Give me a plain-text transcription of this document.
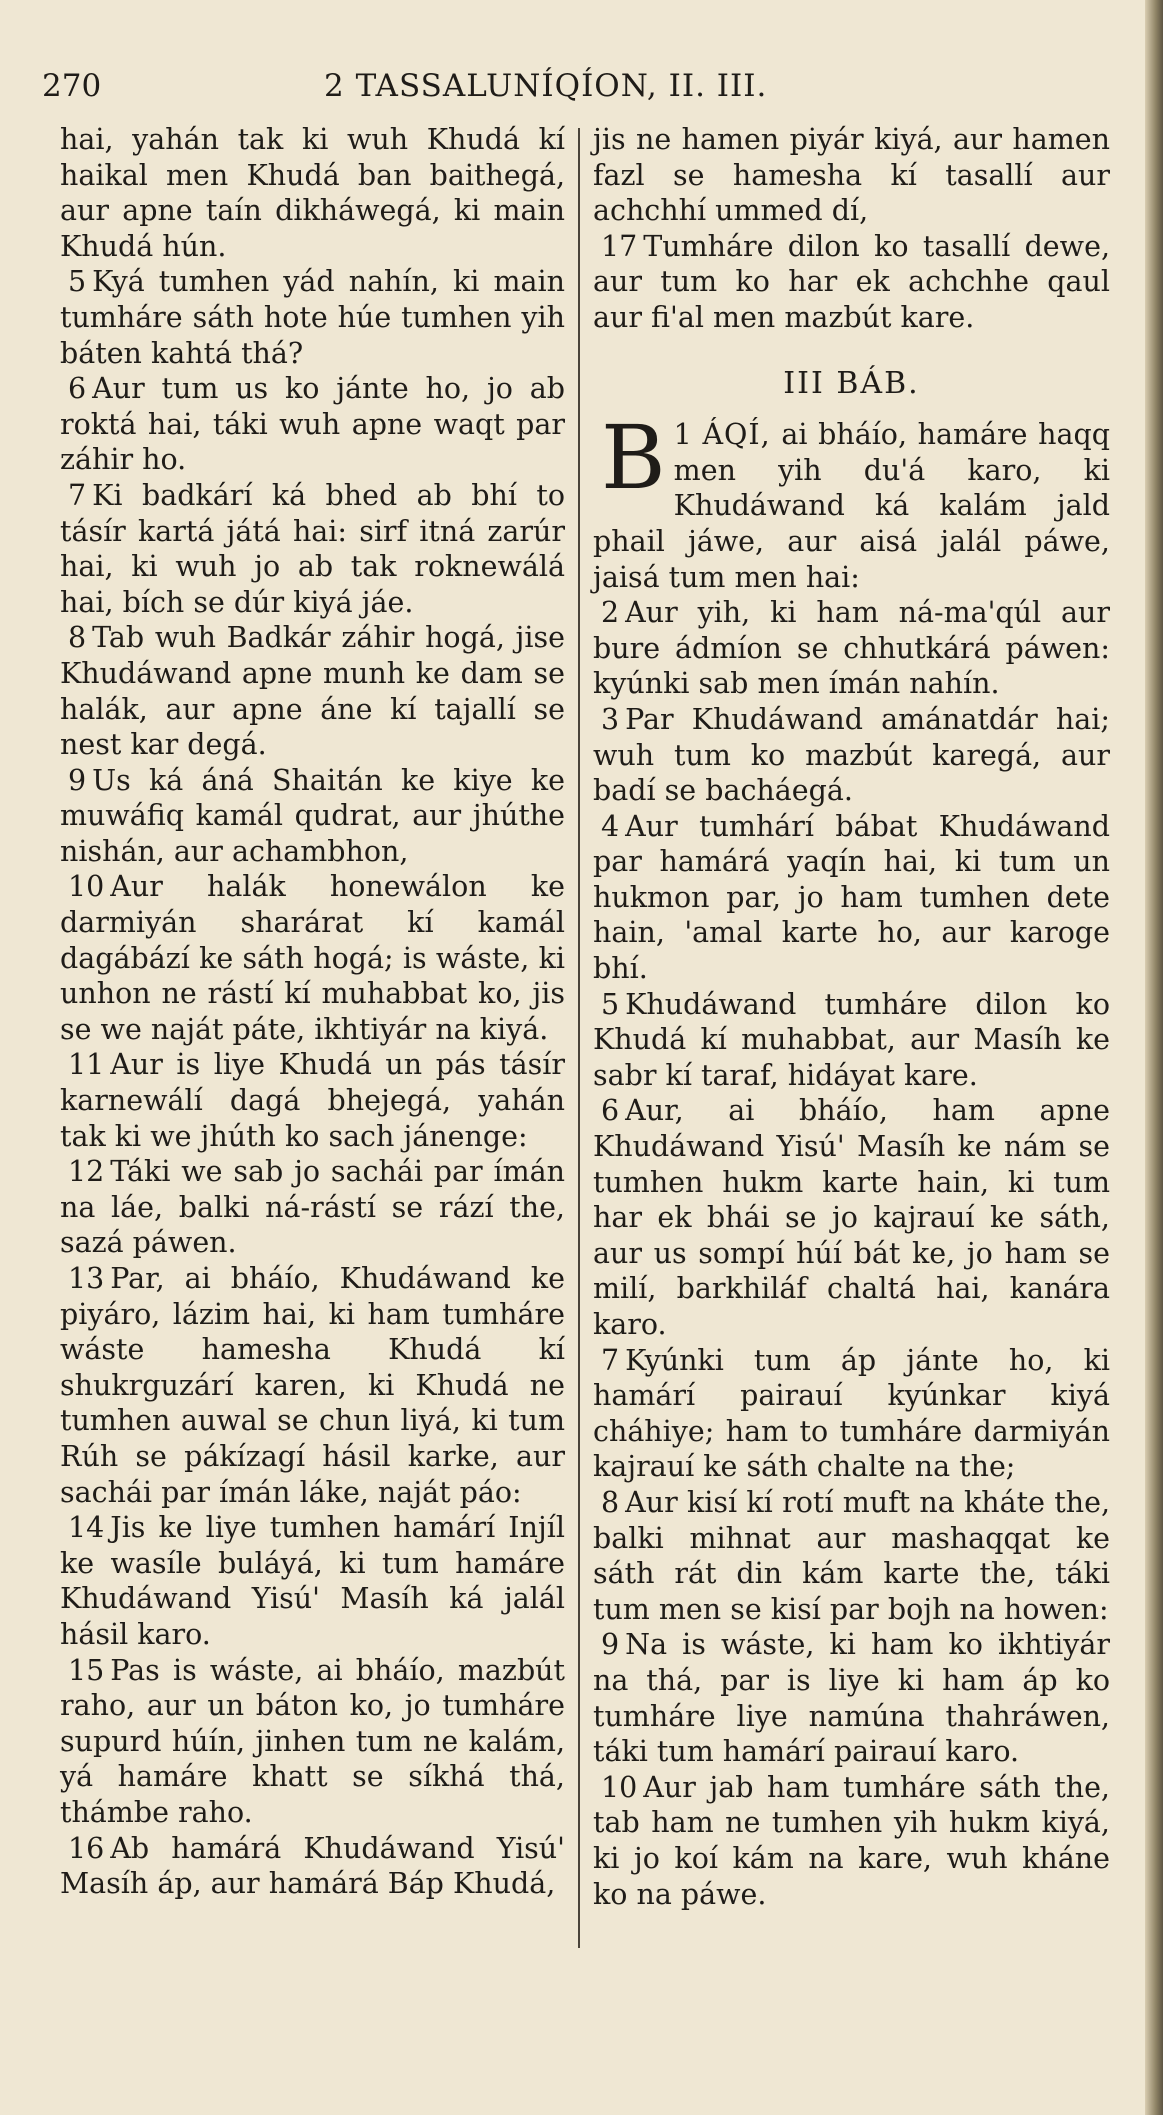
270	2 TASSALUNÍQÍON, II. III.

hai, yahán tak ki wuh Khudá kí haikal men Khudá ban baithegá, aur apne taín dikháwegá, ki main Khudá hún.

5 Kyá tumhen yád nahín, ki main tumháre sáth hote húe tumhen yih báten kahtá thá?

6 Aur tum us ko jánte ho, jo ab roktá hai, táki wuh apne waqt par záhir ho.

7 Ki badkárí ká bhed ab bhí to tásír kartá játá hai: sirf itná zarúr hai, ki wuh jo ab tak roknewálá hai, bích se dúr kiyá jáe.

8 Tab wuh Badkár záhir hogá, jise Khudáwand apne munh ke dam se halák, aur apne áne kí tajallí se nest kar degá.

9 Us ká áná Shaitán ke kiye ke muwáfiq kamál qudrat, aur jhúthe nishán, aur achambhon,

10 Aur halák honewálon ke darmiyán sharárat kí kamál dagábází ke sáth hogá; is wáste, ki unhon ne rástí kí muhabbat ko, jis se we naját páte, ikhtiyár na kiyá.

11 Aur is liye Khudá un pás tásír karnewálí dagá bhejegá, yahán tak ki we jhúth ko sach jánenge:

12 Táki we sab jo sachái par ímán na láe, balki ná-rástí se rází the, sazá páwen.

13 Par, ai bháío, Khudáwand ke piyáro, lázim hai, ki ham tumháre wáste hamesha Khudá kí shukrguzárí karen, ki Khudá ne tumhen auwal se chun liyá, ki tum Rúh se pákízagí hásil karke, aur sachái par ímán láke, naját páo:

14 Jis ke liye tumhen hamárí Injíl ke wasíle buláyá, ki tum hamáre Khudáwand Yisú' Masíh ká jalál hásil karo.

15 Pas is wáste, ai bháío, mazbút raho, aur un báton ko, jo tumháre supurd húín, jinhen tum ne kalám, yá hamáre khatt se síkhá thá, thámbe raho.

16 Ab hamárá Khudáwand Yisú' Masíh áp, aur hamárá Báp Khudá,

jis ne hamen piyár kiyá, aur hamen fazl se hamesha kí tasallí aur achchhí ummed dí,

17 Tumháre dilon ko tasallí dewe, aur tum ko har ek achchhe qaul aur fi'al men mazbút kare.

III BÁB.

1
B ÁQÍ, ai bháío, hamáre haqq men yih du'á karo, ki Khudáwand ká kalám jald phail jáwe, aur aisá jalál páwe, jaisá tum men hai:

2 Aur yih, ki ham ná-ma'qúl aur bure ádmíon se chhutkárá páwen: kyúnki sab men ímán nahín.

3 Par Khudáwand amánatdár hai; wuh tum ko mazbút karegá, aur badí se bacháegá.

4 Aur tumhárí bábat Khudáwand par hamárá yaqín hai, ki tum un hukmon par, jo ham tumhen dete hain, 'amal karte ho, aur karoge bhí.

5 Khudáwand tumháre dilon ko Khudá kí muhabbat, aur Masíh ke sabr kí taraf, hidáyat kare.

6 Aur, ai bháío, ham apne Khudáwand Yisú' Masíh ke nám se tumhen hukm karte hain, ki tum har ek bhái se jo kajrauí ke sáth, aur us sompí húí bát ke, jo ham se milí, barkhiláf chaltá hai, kanára karo.

7 Kyúnki tum áp jánte ho, ki hamárí pairauí kyúnkar kiyá cháhiye; ham to tumháre darmiyán kajrauí ke sáth chalte na the;

8 Aur kisí kí rotí muft na kháte the, balki mihnat aur mashaqqat ke sáth rát din kám karte the, táki tum men se kisí par bojh na howen:

9 Na is wáste, ki ham ko ikhtiyár na thá, par is liye ki ham áp ko tumháre liye namúna thahráwen, táki tum hamárí pairauí karo.

10 Aur jab ham tumháre sáth the, tab ham ne tumhen yih hukm kiyá, ki jo koí kám na kare, wuh kháne ko na páwe.
